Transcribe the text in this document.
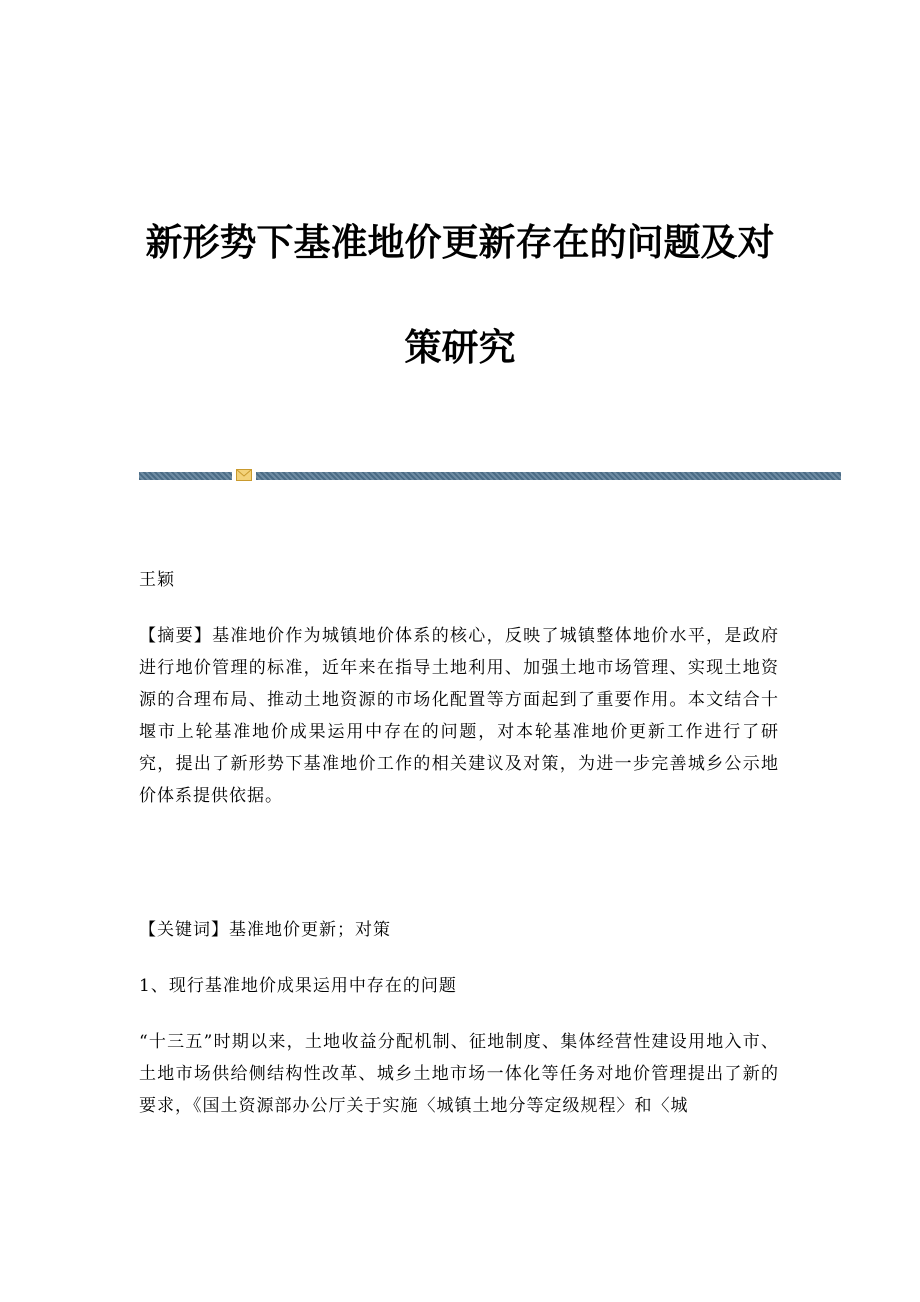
新形势下基准地价更新存在的问题及对
策研究
王颖
【摘要】基准地价作为城镇地价体系的核心，反映了城镇整体地价水平，是政府进行地价管理的标准，近年来在指导土地利用、加强土地市场管理、实现土地资源的合理布局、推动土地资源的市场化配置等方面起到了重要作用。本文结合十堰市上轮基准地价成果运用中存在的问题，对本轮基准地价更新工作进行了研究，提出了新形势下基准地价工作的相关建议及对策，为进一步完善城乡公示地价体系提供依据。
【关键词】基准地价更新；对策
1、现行基准地价成果运用中存在的问题
“十三五”时期以来，土地收益分配机制、征地制度、集体经营性建设用地入市、土地市场供给侧结构性改革、城乡土地市场一体化等任务对地价管理提出了新的要求，《国土资源部办公厅关于实施〈城镇土地分等定级规程〉和〈城
